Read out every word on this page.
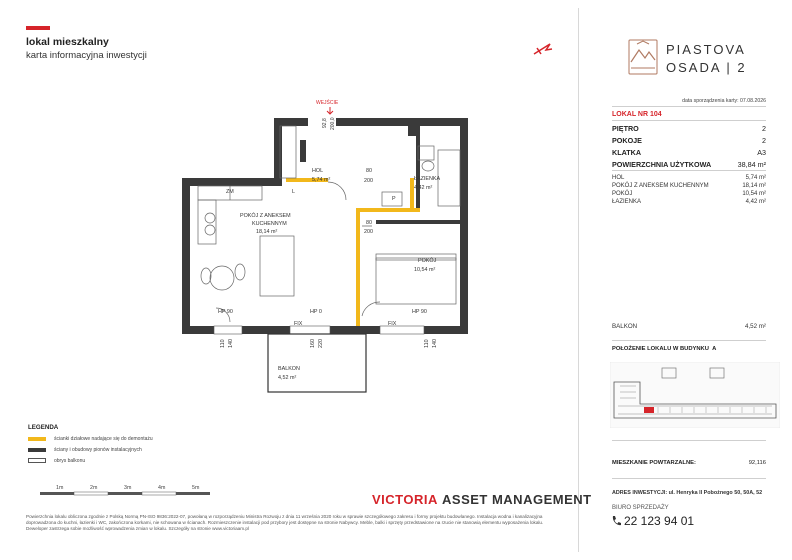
lokal mieszkalny
karta informacyjna inwestycji	PIASTOVA
OSADA | 2
data sporządzenia karty: 07.08.2026
LOKAL NR 104
PIĘTRO	2
POKOJE	2
KLATKA	A3
POWIERZCHNIA UŻYTKOWA	38,84 m²
HOL	5,74 m²
POKÓJ Z ANEKSEM KUCHENNYM	18,14 m²
POKÓJ	10,54 m²
ŁAZIENKA	4,42 m²
BALKON	4,52 m²
POŁOŻENIE LOKALU W BUDYNKU A
MIESZKANIE POWTARZALNE:	92,116
ADRES INWESTYCJI: ul. Henryka II Pobożnego 50, 50A, 52
BIURO SPRZEDAŻY
22 123 94 01
WEJŚCIE
92,8 200,0
HOL
5,74 m²	ŁAZIENKA
4,42 m²
POKÓJ Z ANEKSEM
KUCHENNYM
18,14 m²
POKÓJ
10,54 m²
BALKON
4,52 m²
80
200
80
200
ZM	L
P
HP 90	HP 0	HP 90
FIX	FIX
110 140	160 220	110 140
LEGENDA
ścianki działowe nadające się do demontażu
ściany i obudowy pionów instalacyjnych
obrys balkonu
1m	2m	3m	4m	5m
VICTORIA ASSET MANAGEMENT
Powierzchnia lokalu obliczona zgodnie z Polską Normą PN-ISO 9836:2022-07, powołaną w rozporządzeniu Ministra Rozwoju z dnia 11 września 2020 roku w sprawie szczegółowego zakresu i formy projektu budowlanego. Instalacja wodna i kanalizacyjna doprowadzona do kuchni, łazienki i WC, zakończona korkami, nie schowana w ścianach. Rozmieszczenie instalacji pod przybory jest dostępne na stronie Nabywcy. Meble, balki i sprzęty przedstawione na rzucie nie stanowią elementu wyposażenia lokalu. Deweloper zastrzega sobie możliwość wprowadzenia zmian w lokalu. Szczegóły na stronie www.victoriaam.pl
